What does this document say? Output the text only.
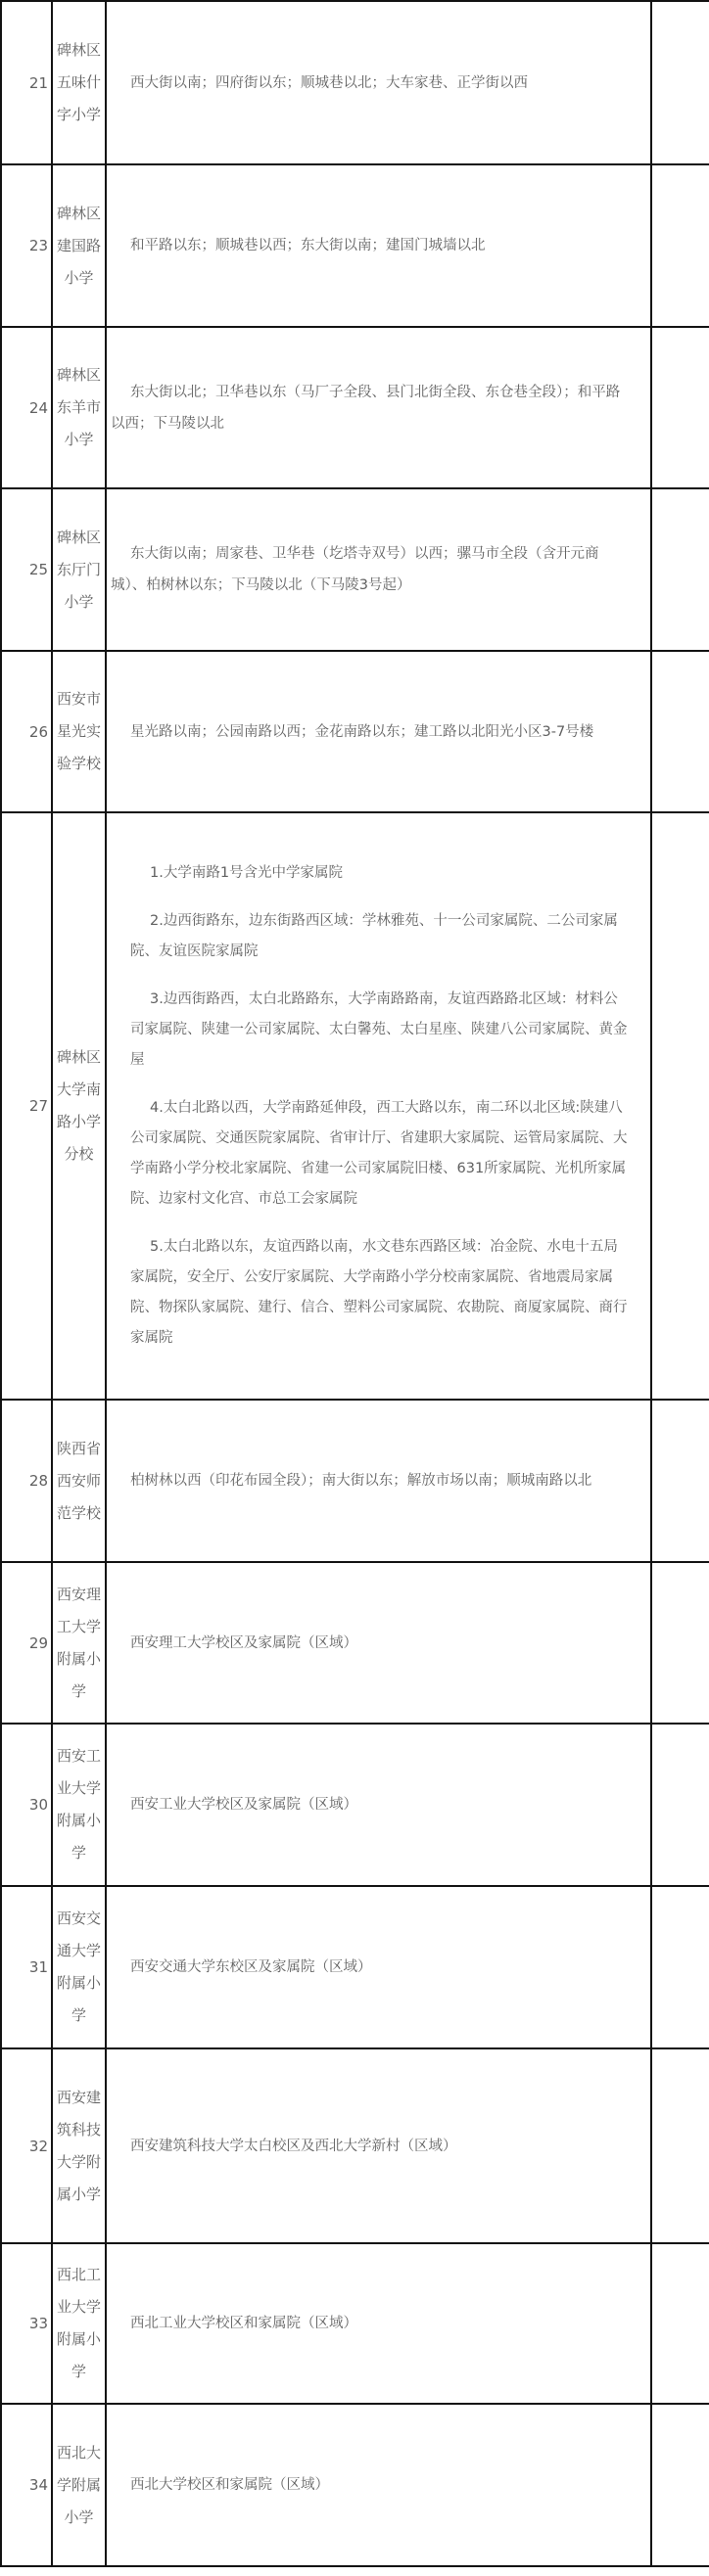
21	碑林区五味什字小学	西大街以南；四府街以东；顺城巷以北；大车家巷、正学街以西	
23	碑林区建国路小学	和平路以东；顺城巷以西；东大街以南；建国门城墙以北	
24	碑林区东羊市小学	东大街以北；卫华巷以东（马厂子全段、县门北街全段、东仓巷全段）；和平路以西；下马陵以北	

25	碑林区东厅门小学	东大街以南；周家巷、卫华巷（圪塔寺双号）以西；骡马市全段（含开元商城）、柏树林以东；下马陵以北（下马陵3号起）	

26	西安市星光实验学校	星光路以南；公园南路以西；金花南路以东；建工路以北阳光小区3-7号楼	
27	碑林区大学南路小学分校	1.大学南路1号含光中学家属院
2.边西街路东，边东街路西区域：学林雅苑、十一公司家属院、二公司家属院、友谊医院家属院
3.边西街路西，太白北路路东，大学南路路南，友谊西路路北区域：材料公司家属院、陕建一公司家属院、太白馨苑、太白星座、陕建八公司家属院、黄金屋
4.太白北路以西，大学南路延伸段，西工大路以东，南二环以北区域:陕建八公司家属院、交通医院家属院、省审计厅、省建职大家属院、运管局家属院、大学南路小学分校北家属院、省建一公司家属院旧楼、631所家属院、光机所家属院、边家村文化宫、市总工会家属院
5.太白北路以东，友谊西路以南，水文巷东西路区域：冶金院、水电十五局家属院，安全厅、公安厅家属院、大学南路小学分校南家属院、省地震局家属院、物探队家属院、建行、信合、塑料公司家属院、农勘院、商厦家属院、商行家属院	

28	陕西省西安师范学校	柏树林以西（印花布园全段）；南大街以东；解放市场以南；顺城南路以北	

29	西安理工大学附属小学	西安理工大学校区及家属院（区域）	
30	西安工业大学附属小学	西安工业大学校区及家属院（区域）	
31	西安交通大学附属小学	西安交通大学东校区及家属院（区域）	
32	西安建筑科技大学附属小学	西安建筑科技大学太白校区及西北大学新村（区域）	
33	西北工业大学附属小学	西北工业大学校区和家属院（区域）	
34	西北大学附属小学	西北大学校区和家属院（区域）	
